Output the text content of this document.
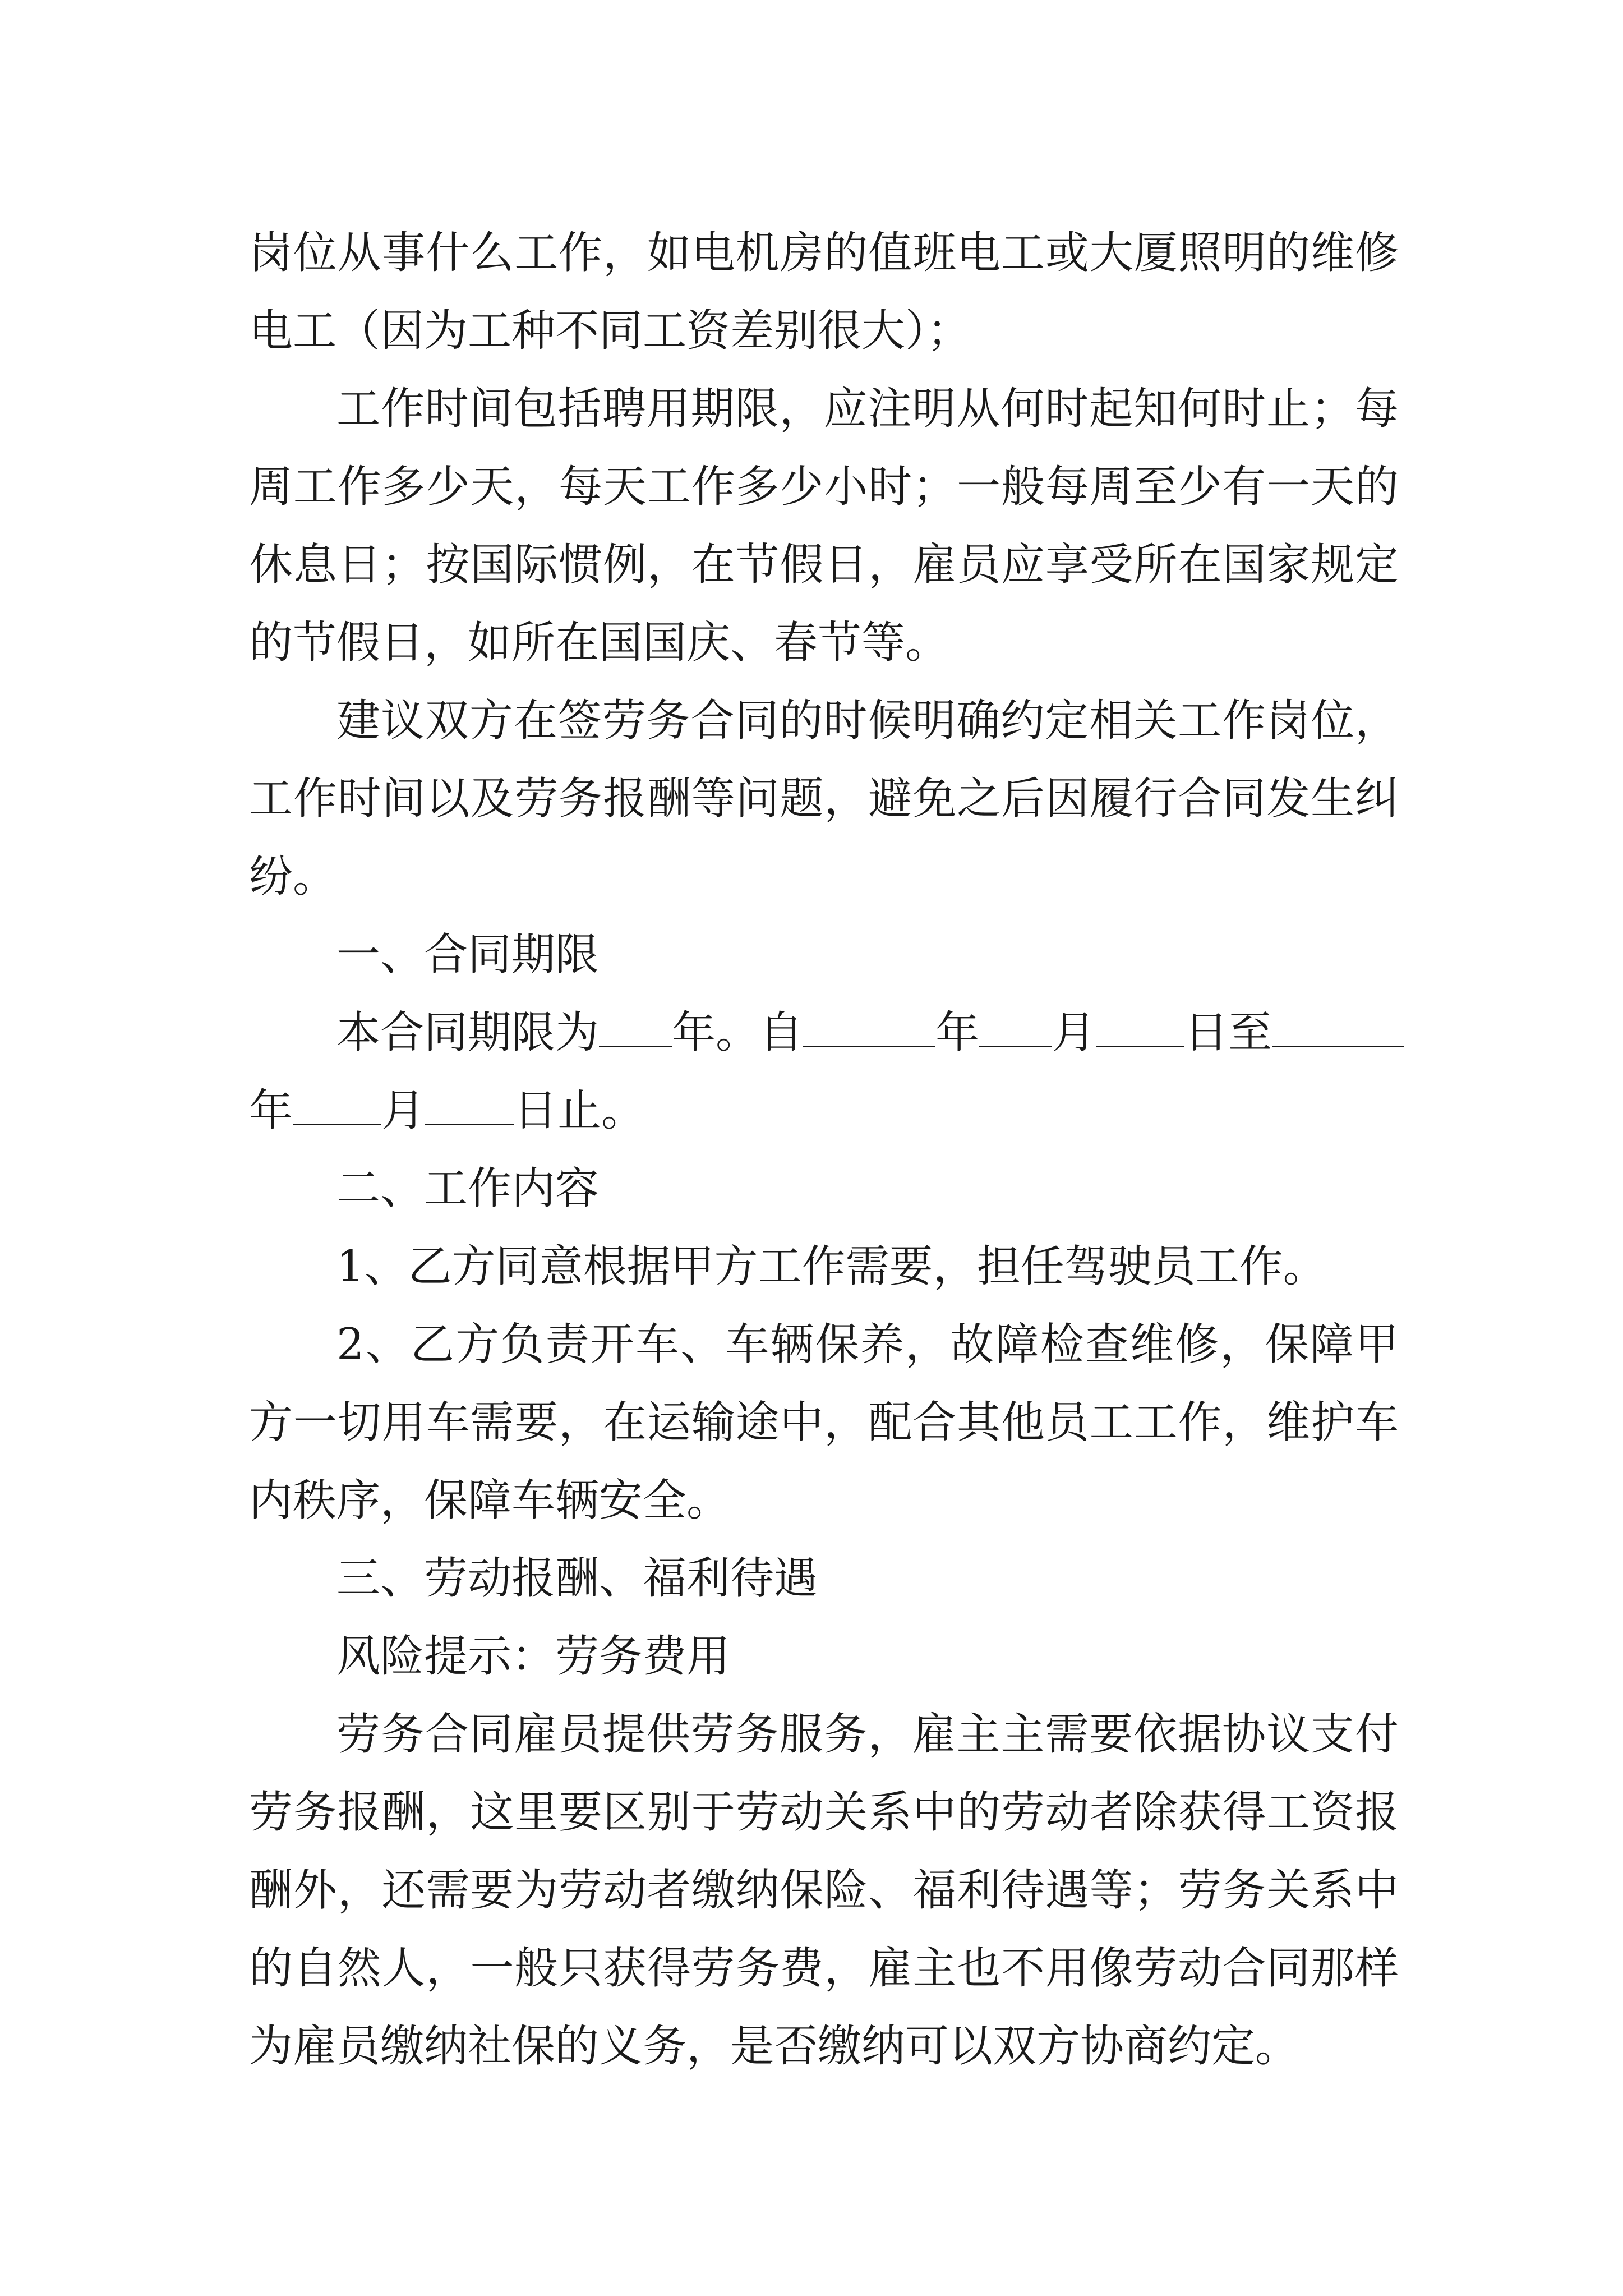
岗位从事什么工作，如电机房的值班电工或大厦照明的维修
电工（因为工种不同工资差别很大）；
工作时间包括聘用期限，应注明从何时起知何时止；每
周工作多少天，每天工作多少小时；一般每周至少有一天的
休息日；按国际惯例，在节假日，雇员应享受所在国家规定
的节假日，如所在国国庆、春节等。
建议双方在签劳务合同的时候明确约定相关工作岗位，
工作时间以及劳务报酬等问题，避免之后因履行合同发生纠
纷。
一、合同期限
本合同期限为 年。自	年 月 日至
年 月 日止。
二、工作内容
1、乙方同意根据甲方工作需要，担任驾驶员工作。
2、乙方负责开车、车辆保养，故障检查维修，保障甲
方一切用车需要，在运输途中，配合其他员工工作，维护车
内秩序，保障车辆安全。
三、劳动报酬、福利待遇
风险提示：劳务费用
劳务合同雇员提供劳务服务，雇主主需要依据协议支付
劳务报酬，这里要区别于劳动关系中的劳动者除获得工资报
酬外，还需要为劳动者缴纳保险、福利待遇等；劳务关系中
的自然人，一般只获得劳务费，雇主也不用像劳动合同那样
为雇员缴纳社保的义务，是否缴纳可以双方协商约定。
